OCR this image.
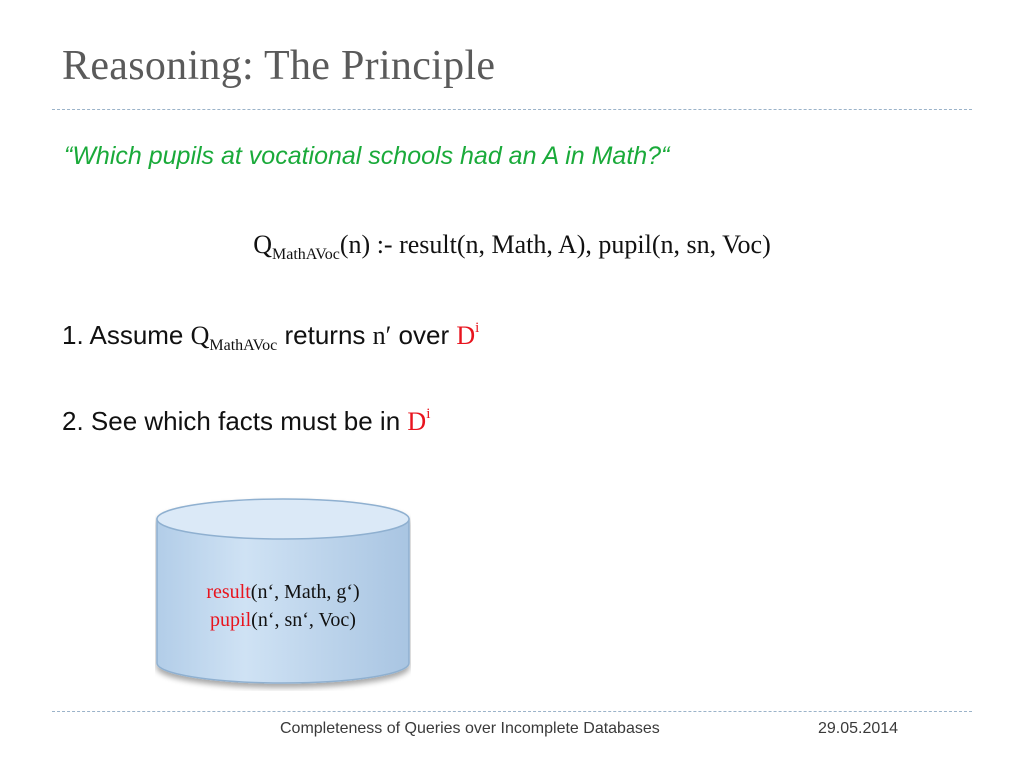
Reasoning: The Principle
“Which pupils at vocational schools had an A in Math?“
$Q_{MathAVoc}(n)$ :- result(n, Math, A), pupil(n, sn, Voc)
1. Assume $Q_{MathAVoc}$ returns n′ over $D^i$
2. See which facts must be in $D^i$
result(n‘, Math, g‘)
pupil(n‘, sn‘, Voc)
Completeness of Queries over Incomplete Databases	29.05.2014
